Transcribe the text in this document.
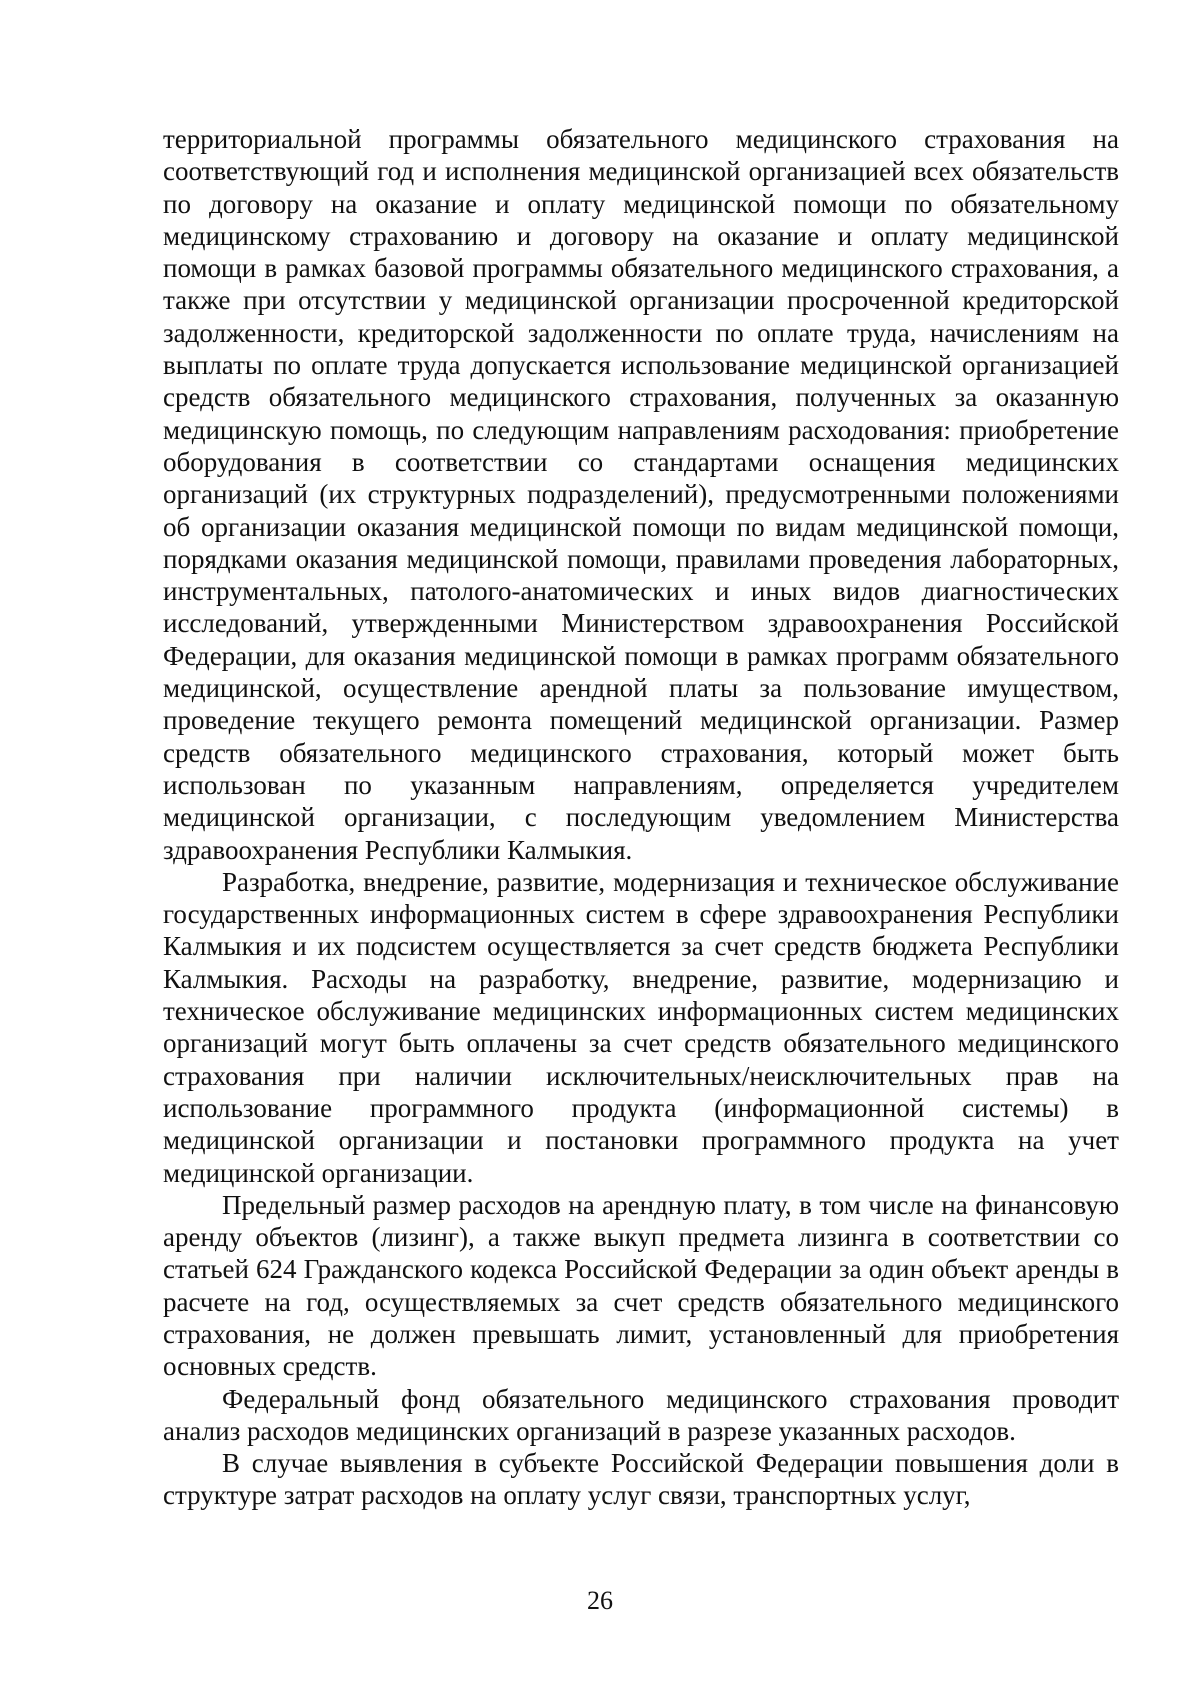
территориальной программы обязательного медицинского страхования на соответствующий год и исполнения медицинской организацией всех обязательств по договору на оказание и оплату медицинской помощи по обязательному медицинскому страхованию и договору на оказание и оплату медицинской помощи в рамках базовой программы обязательного медицинского страхования, а также при отсутствии у медицинской организации просроченной кредиторской задолженности, кредиторской задолженности по оплате труда, начислениям на выплаты по оплате труда допускается использование медицинской организацией средств обязательного медицинского страхования, полученных за оказанную медицинскую помощь, по следующим направлениям расходования: приобретение оборудования в соответствии со стандартами оснащения медицинских организаций (их структурных подразделений), предусмотренными положениями об организации оказания медицинской помощи по видам медицинской помощи, порядками оказания медицинской помощи, правилами проведения лабораторных, инструментальных, патолого-анатомических и иных видов диагностических исследований, утвержденными Министерством здравоохранения Российской Федерации, для оказания медицинской помощи в рамках программ обязательного медицинской, осуществление арендной платы за пользование имуществом, проведение текущего ремонта помещений медицинской организации. Размер средств обязательного медицинского страхования, который может быть использован по указанным направлениям, определяется учредителем медицинской организации, с последующим уведомлением Министерства здравоохранения Республики Калмыкия.

Разработка, внедрение, развитие, модернизация и техническое обслуживание государственных информационных систем в сфере здравоохранения Республики Калмыкия и их подсистем осуществляется за счет средств бюджета Республики Калмыкия. Расходы на разработку, внедрение, развитие, модернизацию и техническое обслуживание медицинских информационных систем медицинских организаций могут быть оплачены за счет средств обязательного медицинского страхования при наличии исключительных/неисключительных прав на использование программного продукта (информационной системы) в медицинской организации и постановки программного продукта на учет медицинской организации.

Предельный размер расходов на арендную плату, в том числе на финансовую аренду объектов (лизинг), а также выкуп предмета лизинга в соответствии со статьей 624 Гражданского кодекса Российской Федерации за один объект аренды в расчете на год, осуществляемых за счет средств обязательного медицинского страхования, не должен превышать лимит, установленный для приобретения основных средств.

Федеральный фонд обязательного медицинского страхования проводит анализ расходов медицинских организаций в разрезе указанных расходов.

В случае выявления в субъекте Российской Федерации повышения доли в структуре затрат расходов на оплату услуг связи, транспортных услуг,

26
